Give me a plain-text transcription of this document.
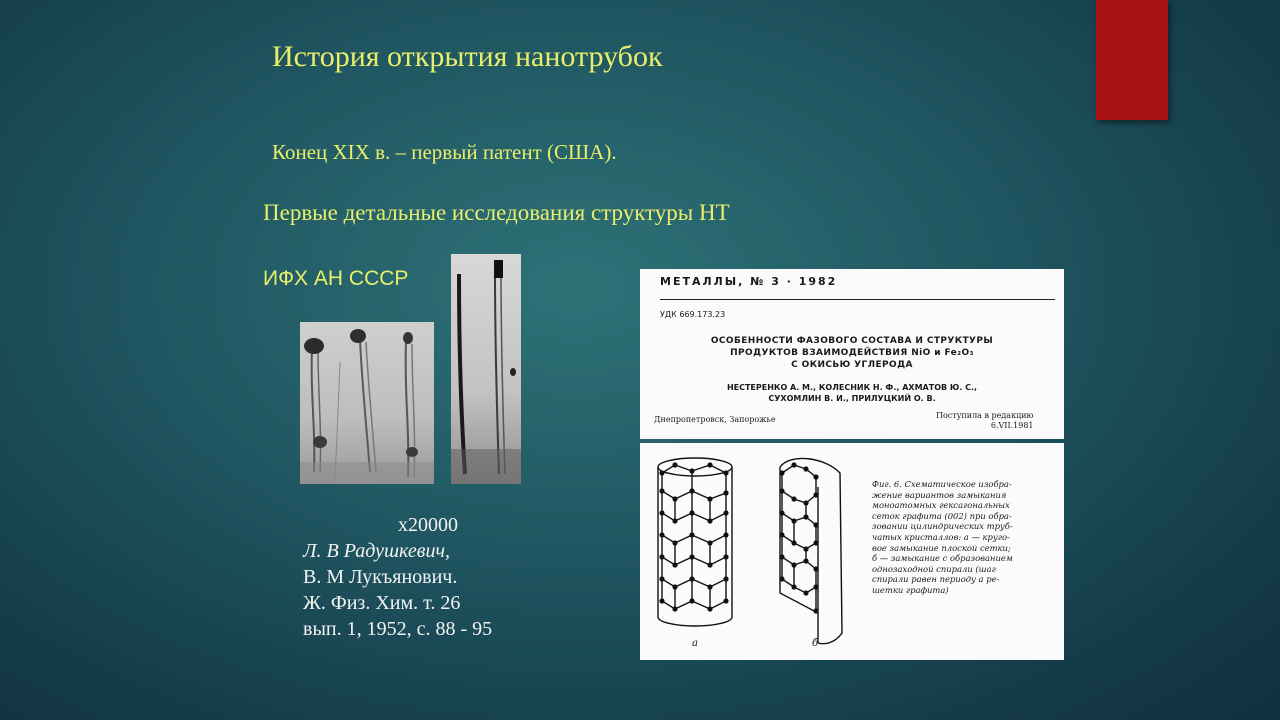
История открытия нанотрубок
Конец XIX в. – первый патент (США).
Первые детальные исследования структуры НТ
ИФХ АН СССР
x20000
Л. В Радушкевич,
В. М Лукъянович.
Ж. Физ. Хим. т. 26
вып. 1, 1952, с. 88 - 95
МЕТАЛЛЫ, № 3 · 1982
УДК 669.173.23
ОСОБЕННОСТИ ФАЗОВОГО СОСТАВА И СТРУКТУРЫ
ПРОДУКТОВ ВЗАИМОДЕЙСТВИЯ NiO и Fe₂O₃
С ОКИСЬЮ УГЛЕРОДА
НЕСТЕРЕНКО А. М., КОЛЕСНИК Н. Ф., АХМАТОВ Ю. С.,
СУХОМЛИН В. И., ПРИЛУЦКИЙ О. В.
Днепропетровск, Запорожье	Поступила в редакцию
6.VII.1981
а	б
Фиг. 6. Схематическое изобра-
жение вариантов замыкания
моноатомных гексагональных
сеток графита (002) при обра-
зовании цилиндрических труб-
чатых кристаллов: а — круго-
вое замыкание плоской сетки;
б — замыкание с образованием
однозаходной спирали (шаг
спирали равен периоду а ре-
шетки графита)
